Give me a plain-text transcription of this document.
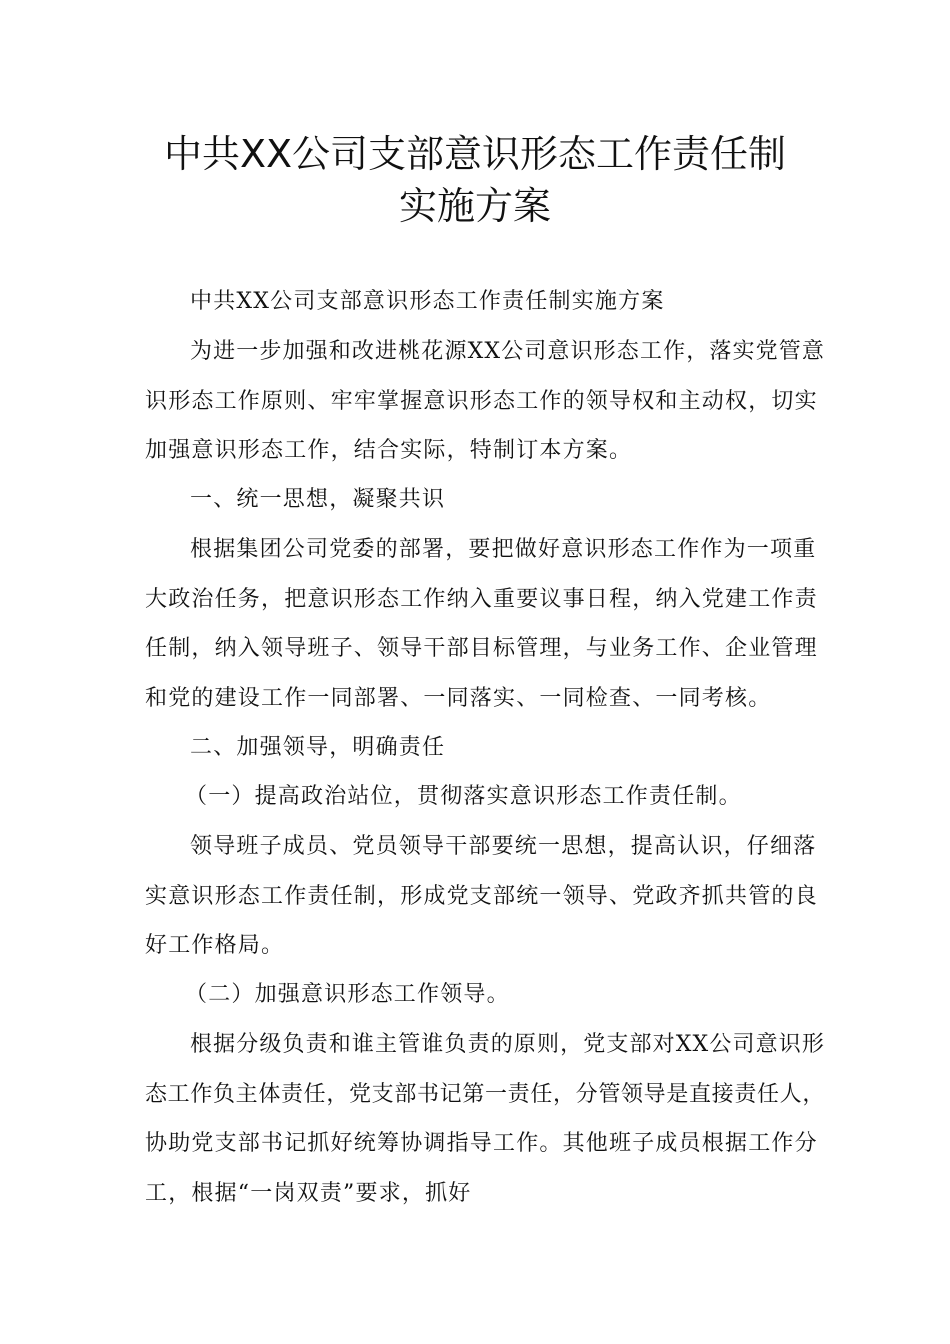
中共XX公司支部意识形态工作责任制
实施方案
中共XX公司支部意识形态工作责任制实施方案
为进一步加强和改进桃花源XX公司意识形态工作，落实党管意
识形态工作原则、牢牢掌握意识形态工作的领导权和主动权，切实
加强意识形态工作，结合实际，特制订本方案。
一、统一思想，凝聚共识
根据集团公司党委的部署，要把做好意识形态工作作为一项重
大政治任务，把意识形态工作纳入重要议事日程，纳入党建工作责
任制，纳入领导班子、领导干部目标管理，与业务工作、企业管理
和党的建设工作一同部署、一同落实、一同检查、一同考核。
二、加强领导，明确责任
（一）提高政治站位，贯彻落实意识形态工作责任制。
领导班子成员、党员领导干部要统一思想，提高认识，仔细落
实意识形态工作责任制，形成党支部统一领导、党政齐抓共管的良
好工作格局。
（二）加强意识形态工作领导。
根据分级负责和谁主管谁负责的原则，党支部对XX公司意识形
态工作负主体责任，党支部书记第一责任，分管领导是直接责任人，
协助党支部书记抓好统筹协调指导工作。其他班子成员根据工作分
工，根据“一岗双责”要求，抓好
